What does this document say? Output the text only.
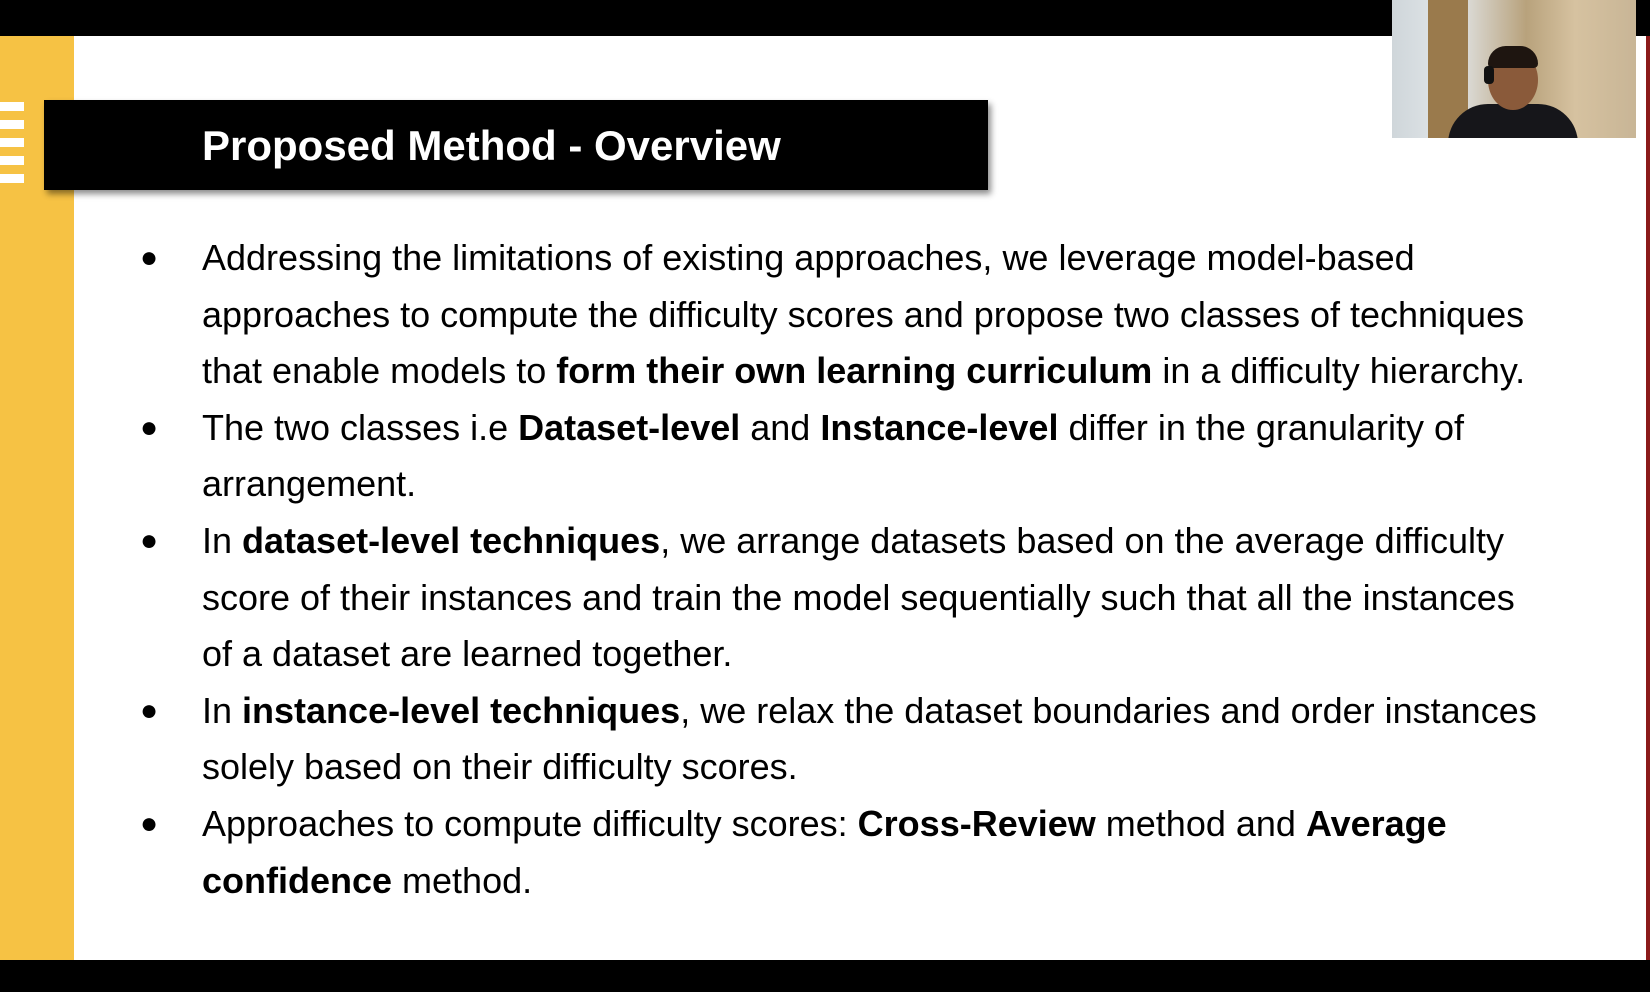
Proposed Method - Overview
●	Addressing the limitations of existing approaches, we leverage model-based approaches to compute the difficulty scores and propose two classes of techniques that enable models to form their own learning curriculum in a difficulty hierarchy.
●	The two classes i.e Dataset-level and Instance-level differ in the granularity of arrangement.
●	In dataset-level techniques, we arrange datasets based on the average difficulty score of their instances and train the model sequentially such that all the instances of a dataset are learned together.
●	In instance-level techniques, we relax the dataset boundaries and order instances solely based on their difficulty scores.
●	Approaches to compute difficulty scores: Cross-Review method and Average confidence method.
